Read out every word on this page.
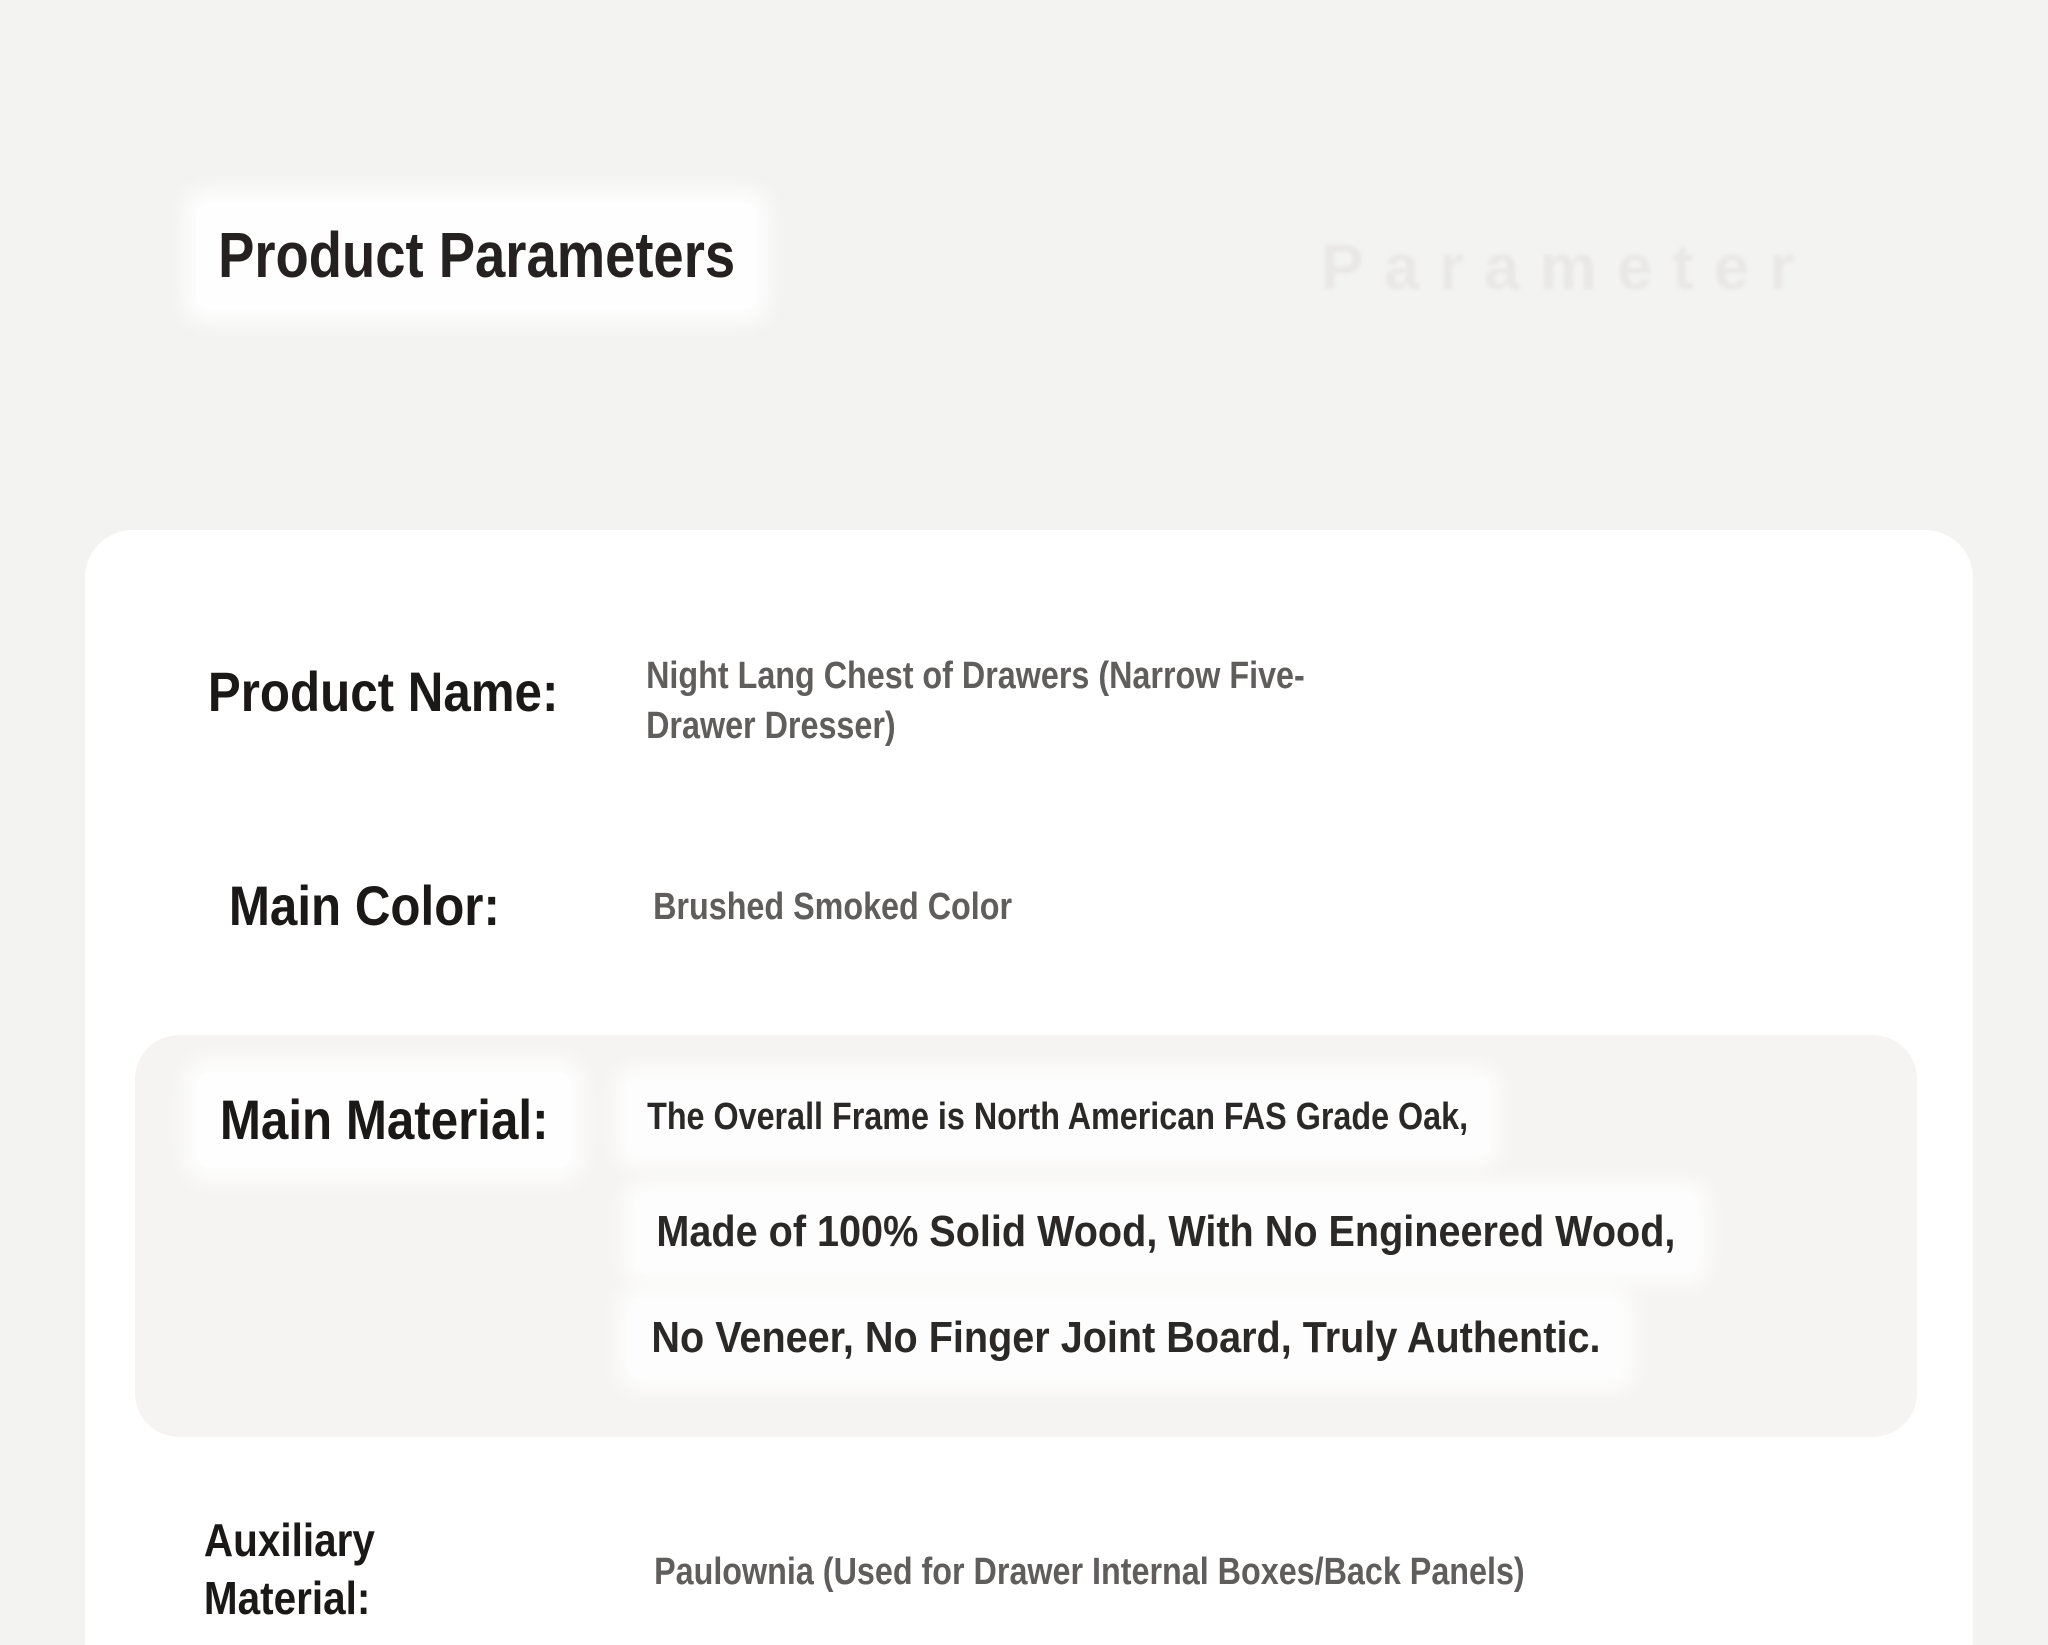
Product Parameters	Parameter
Product Name:	Night Lang Chest of Drawers (Narrow Five-Drawer Dresser)
Main Color:	Brushed Smoked Color
Main Material:	The Overall Frame is North American FAS Grade Oak,
Made of 100% Solid Wood, With No Engineered Wood,
No Veneer, No Finger Joint Board, Truly Authentic.
Auxiliary Material:	Paulownia (Used for Drawer Internal Boxes/Back Panels)
